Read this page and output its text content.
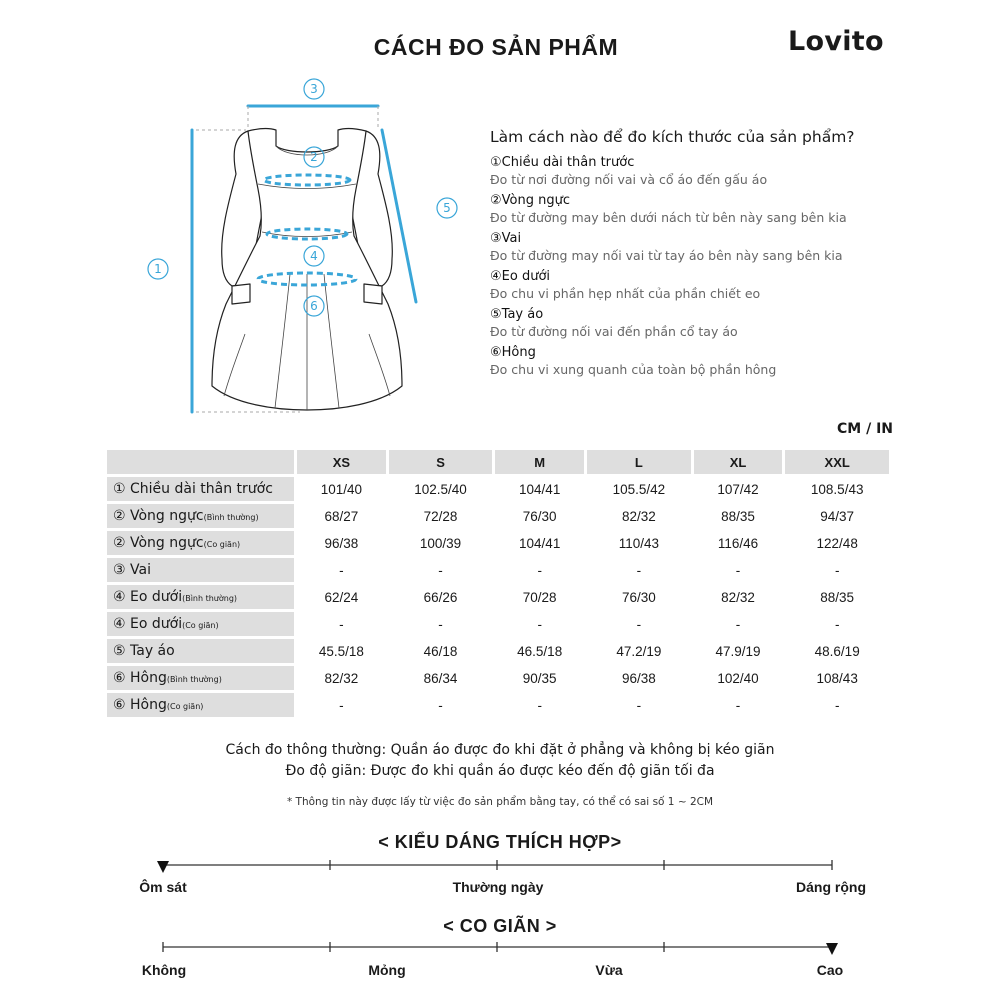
CÁCH ĐO SẢN PHẨM	Lovito
3
2
4
6
1
5
Làm cách nào để đo kích thước của sản phẩm?
①Chiều dài thân trước
Đo từ nơi đường nối vai và cổ áo đến gấu áo
②Vòng ngực
Đo từ đường may bên dưới nách từ bên này sang bên kia
③Vai
Đo từ đường may nối vai từ tay áo bên này sang bên kia
④Eo dưới
Đo chu vi phần hẹp nhất của phần chiết eo
⑤Tay áo
Đo từ đường nối vai đến phần cổ tay áo
⑥Hông
Đo chu vi xung quanh của toàn bộ phần hông
CM / IN
	XS	S	M	L	XL	XXL
① Chiều dài thân trước	101/40	102.5/40	104/41	105.5/42	107/42	108.5/43
② Vòng ngực(Bình thường)	68/27	72/28	76/30	82/32	88/35	94/37
② Vòng ngực(Co giãn)	96/38	100/39	104/41	110/43	116/46	122/48
③ Vai	-	-	-	-	-	-
④ Eo dưới(Bình thường)	62/24	66/26	70/28	76/30	82/32	88/35
④ Eo dưới(Co giãn)	-	-	-	-	-	-
⑤ Tay áo	45.5/18	46/18	46.5/18	47.2/19	47.9/19	48.6/19
⑥ Hông(Bình thường)	82/32	86/34	90/35	96/38	102/40	108/43
⑥ Hông(Co giãn)	-	-	-	-	-	-
Cách đo thông thường: Quần áo được đo khi đặt ở phẳng và không bị kéo giãn
Đo độ giãn: Được đo khi quần áo được kéo đến độ giãn tối đa
* Thông tin này được lấy từ việc đo sản phẩm bằng tay, có thể có sai số 1 ~ 2CM
< KIỂU DÁNG THÍCH HỢP>
< CO GIÃN >
Ôm sát	Thường ngày	Dáng rộng
Không	Mỏng	Vừa	Cao
